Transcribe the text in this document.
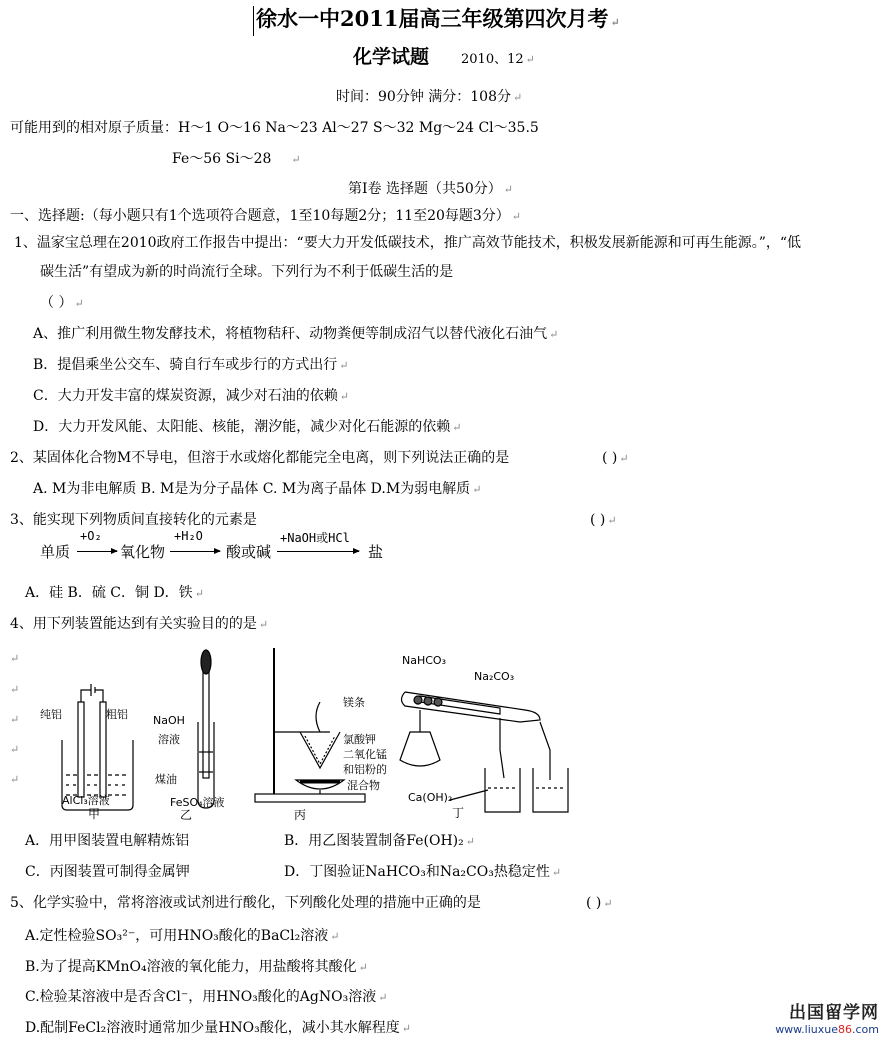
徐水一中2011届高三年级第四次月考 ↵
化学试题 2010、12 ↵
时间：90分钟 满分：108分 ↵
可能用到的相对原子质量：H～1 O～16 Na～23 Al～27 S～32 Mg～24 Cl～35.5
Fe～56 Si～28 ↵
第Ⅰ卷 选择题（共50分） ↵
一、选择题:（每小题只有1个选项符合题意，1至10每题2分；11至20每题3分） ↵
1、温家宝总理在2010政府工作报告中提出：“要大力开发低碳技术，推广高效节能技术，积极发展新能源和可再生能源。”，“低
碳生活”有望成为新的时尚流行全球。下列行为不利于低碳生活的是
（ ） ↵
A、推广利用微生物发酵技术，将植物秸秆、动物粪便等制成沼气以替代液化石油气 ↵
B．提倡乘坐公交车、骑自行车或步行的方式出行 ↵
C．大力开发丰富的煤炭资源，减少对石油的依赖 ↵
D．大力开发风能、太阳能、核能，潮汐能，减少对化石能源的依赖 ↵
2、某固体化合物M不导电，但溶于水或熔化都能完全电离，则下列说法正确的是	( ) ↵
A. M为非电解质 B. M是为分子晶体 C. M为离子晶体 D.M为弱电解质 ↵
3、能实现下列物质间直接转化的元素是	( ) ↵
单质
+O₂
氧化物
+H₂O
酸或碱
+NaOH或HCl
盐
A．硅 B．硫 C．铜 D．铁 ↵
4、用下列装置能达到有关实验目的的是 ↵
↵
↵
↵
↵
↵
纯铝	粗铝
AlCl₃溶液
甲
NaOH
溶液
煤油
FeSO₄溶液
乙
镁条
氯酸钾
二氧化锰
和铝粉的
混合物
丙
NaHCO₃
Na₂CO₃
Ca(OH)₂
丁
A．用甲图装置电解精炼铝	B．用乙图装置制备Fe(OH)₂ ↵
C．丙图装置可制得金属钾	D．丁图验证NaHCO₃和Na₂CO₃热稳定性 ↵
5、化学实验中，常将溶液或试剂进行酸化，下列酸化处理的措施中正确的是	( ) ↵
A.定性检验SO₃²⁻，可用HNO₃酸化的BaCl₂溶液 ↵
B.为了提高KMnO₄溶液的氧化能力，用盐酸将其酸化 ↵
C.检验某溶液中是否含Cl⁻，用HNO₃酸化的AgNO₃溶液 ↵
D.配制FeCl₂溶液时通常加少量HNO₃酸化，减小其水解程度 ↵
出国留学网
www.liuxue86.com
